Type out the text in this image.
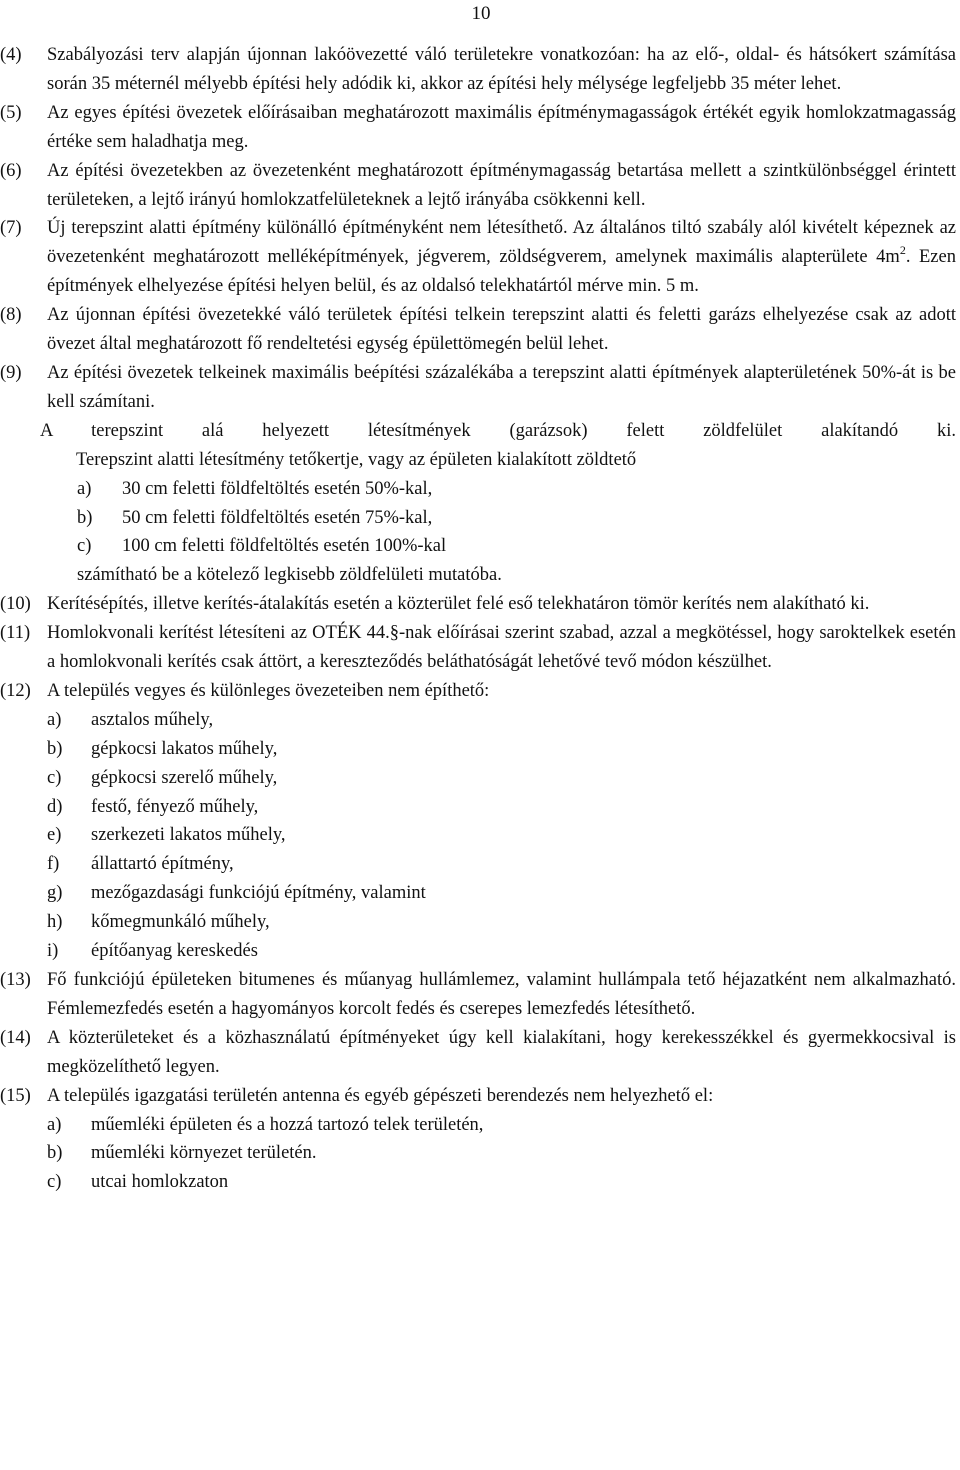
10
(4) Szabályozási terv alapján újonnan lakóövezetté váló területekre vonatkozóan: ha az elő-, oldal- és hátsókert számítása során 35 méternél mélyebb építési hely adódik ki, akkor az építési hely mélysége legfeljebb 35 méter lehet.
(5) Az egyes építési övezetek előírásaiban meghatározott maximális építménymagasságok értékét egyik homlokzatmagasság értéke sem haladhatja meg.
(6) Az építési övezetekben az övezetenként meghatározott építménymagasság betartása mellett a szintkülönbséggel érintett területeken, a lejtő irányú homlokzatfelületeknek a lejtő irányába csökkenni kell.
(7) Új terepszint alatti építmény különálló építményként nem létesíthető. Az általános tiltó szabály alól kivételt képeznek az övezetenként meghatározott melléképítmények, jégverem, zöldségverem, amelynek maximális alapterülete $4m^2$. Ezen építmények elhelyezése építési helyen belül, és az oldalsó telekhatártól mérve min. 5 m.
(8) Az újonnan építési övezetekké váló területek építési telkein terepszint alatti és feletti garázs elhelyezése csak az adott övezet által meghatározott fő rendeltetési egység épülettömegén belül lehet.
(9) Az építési övezetek telkeinek maximális beépítési százalékába a terepszint alatti építmények alapterületének 50%-át is be kell számítani.
A terepszint alá helyezett létesítmények (garázsok) felett zöldfelület alakítandó ki.
Terepszint alatti létesítmény tetőkertje, vagy az épületen kialakított zöldtető
a) 30 cm feletti földfeltöltés esetén 50%-kal,
b) 50 cm feletti földfeltöltés esetén 75%-kal,
c) 100 cm feletti földfeltöltés esetén 100%-kal
számítható be a kötelező legkisebb zöldfelületi mutatóba.
(10) Kerítésépítés, illetve kerítés-átalakítás esetén a közterület felé eső telekhatáron tömör kerítés nem alakítható ki.
(11) Homlokvonali kerítést létesíteni az OTÉK 44.§-nak előírásai szerint szabad, azzal a megkötéssel, hogy saroktelkek esetén a homlokvonali kerítés csak áttört, a kereszteződés beláthatóságát lehetővé tevő módon készülhet.
(12) A település vegyes és különleges övezeteiben nem építhető:
a) asztalos műhely,
b) gépkocsi lakatos műhely,
c) gépkocsi szerelő műhely,
d) festő, fényező műhely,
e) szerkezeti lakatos műhely,
f) állattartó építmény,
g) mezőgazdasági funkciójú építmény, valamint
h) kőmegmunkáló műhely,
i) építőanyag kereskedés
(13) Fő funkciójú épületeken bitumenes és műanyag hullámlemez, valamint hullámpala tető héjazatként nem alkalmazható. Fémlemezfedés esetén a hagyományos korcolt fedés és cserepes lemezfedés létesíthető.
(14) A közterületeket és a közhasználatú építményeket úgy kell kialakítani, hogy kerekesszékkel és gyermekkocsival is megközelíthető legyen.
(15) A település igazgatási területén antenna és egyéb gépészeti berendezés nem helyezhető el:
a) műemléki épületen és a hozzá tartozó telek területén,
b) műemléki környezet területén.
c) utcai homlokzaton
